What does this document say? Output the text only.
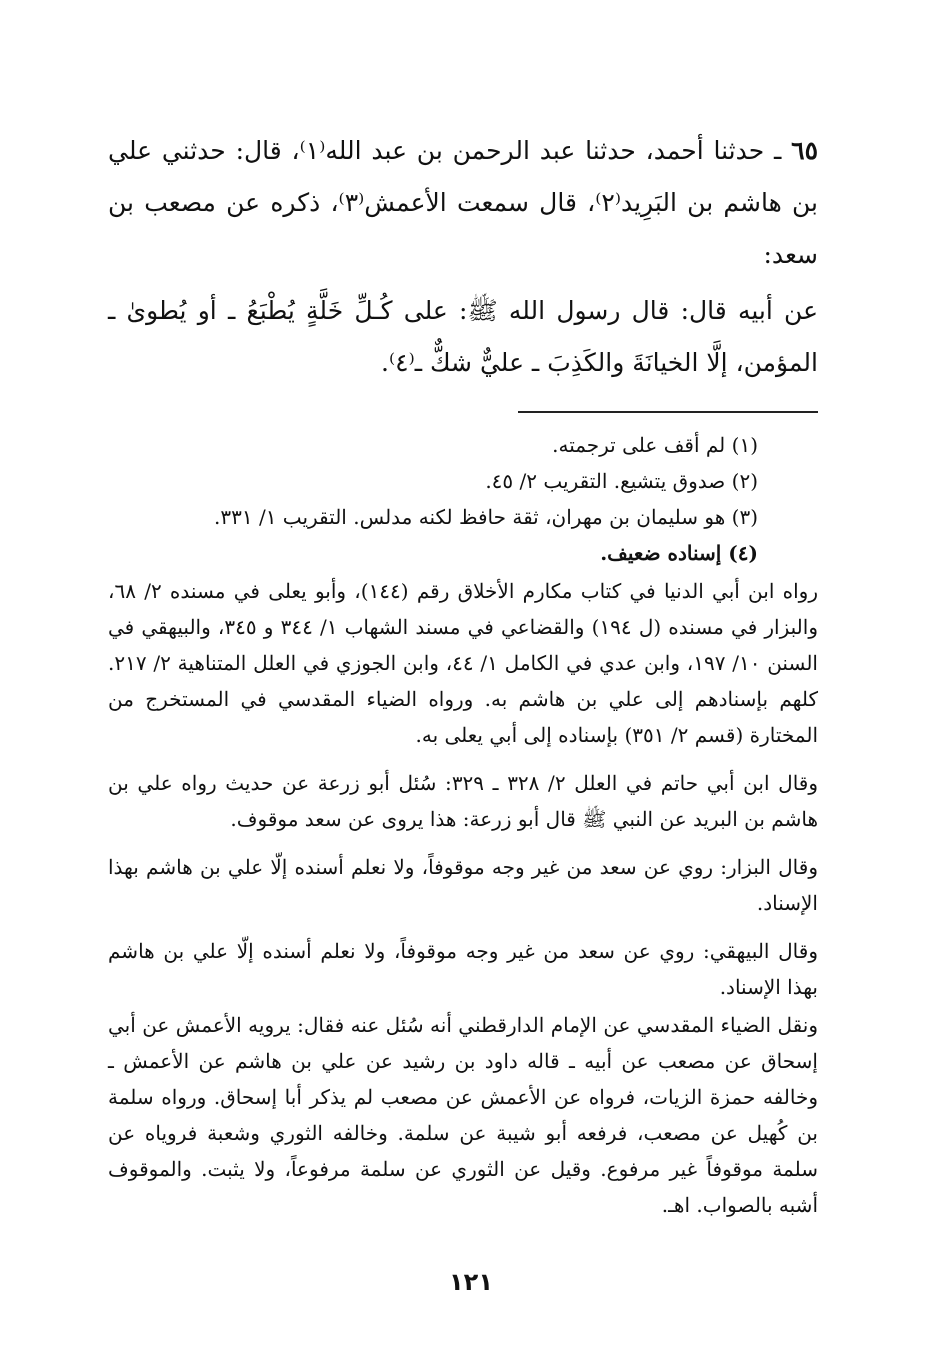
٦٥ ـ حدثنا أحمد، حدثنا عبد الرحمن بن عبد الله⁽١⁾، قال: حدثني علي بن هاشم بن البَرِيد⁽٢⁾، قال سمعت الأعمش⁽٣⁾، ذكره عن مصعب بن سعد:

عن أبيه قال: قال رسول الله ﷺ: على كُـلِّ خَلَّةٍ يُطْبَعُ ـ أو يُطوىٰ ـ المؤمن، إلَّا الخيانَةَ والكَذِبَ ـ عليٌّ شكٌّ ـ⁽٤⁾.

(١) لم أقف على ترجمته.

(٢) صدوق يتشيع. التقريب ٢/ ٤٥.

(٣) هو سليمان بن مهران، ثقة حافظ لكنه مدلس. التقريب ١/ ٣٣١.

(٤) إسناده ضعيف.

رواه ابن أبي الدنيا في كتاب مكارم الأخلاق رقم (١٤٤)، وأبو يعلى في مسنده ٢/ ٦٨، والبزار في مسنده (ل ١٩٤) والقضاعي في مسند الشهاب ١/ ٣٤٤ و ٣٤٥، والبيهقي في السنن ١٠/ ١٩٧، وابن عدي في الكامل ١/ ٤٤، وابن الجوزي في العلل المتناهية ٢/ ٢١٧. كلهم بإسنادهم إلى علي بن هاشم به. ورواه الضياء المقدسي في المستخرج من المختارة (قسم ٢/ ٣٥١) بإسناده إلى أبي يعلى به.

وقال ابن أبي حاتم في العلل ٢/ ٣٢٨ ـ ٣٢٩: سُئل أبو زرعة عن حديث رواه علي بن هاشم بن البريد عن النبي ﷺ قال أبو زرعة: هذا يروى عن سعد موقوف.

وقال البزار: روي عن سعد من غير وجه موقوفاً، ولا نعلم أسنده إلّا علي بن هاشم بهذا الإسناد.

وقال البيهقي: روي عن سعد من غير وجه موقوفاً، ولا نعلم أسنده إلّا علي بن هاشم بهذا الإسناد.

ونقل الضياء المقدسي عن الإمام الدارقطني أنه سُئل عنه فقال: يرويه الأعمش عن أبي إسحاق عن مصعب عن أبيه ـ قاله داود بن رشيد عن علي بن هاشم عن الأعمش ـ وخالفه حمزة الزيات، فرواه عن الأعمش عن مصعب لم يذكر أبا إسحاق. ورواه سلمة بن كُهيل عن مصعب، فرفعه أبو شيبة عن سلمة. وخالفه الثوري وشعبة فروياه عن سلمة موقوفاً غير مرفوع. وقيل عن الثوري عن سلمة مرفوعاً، ولا يثبت. والموقوف أشبه بالصواب. اهـ.

١٢١
